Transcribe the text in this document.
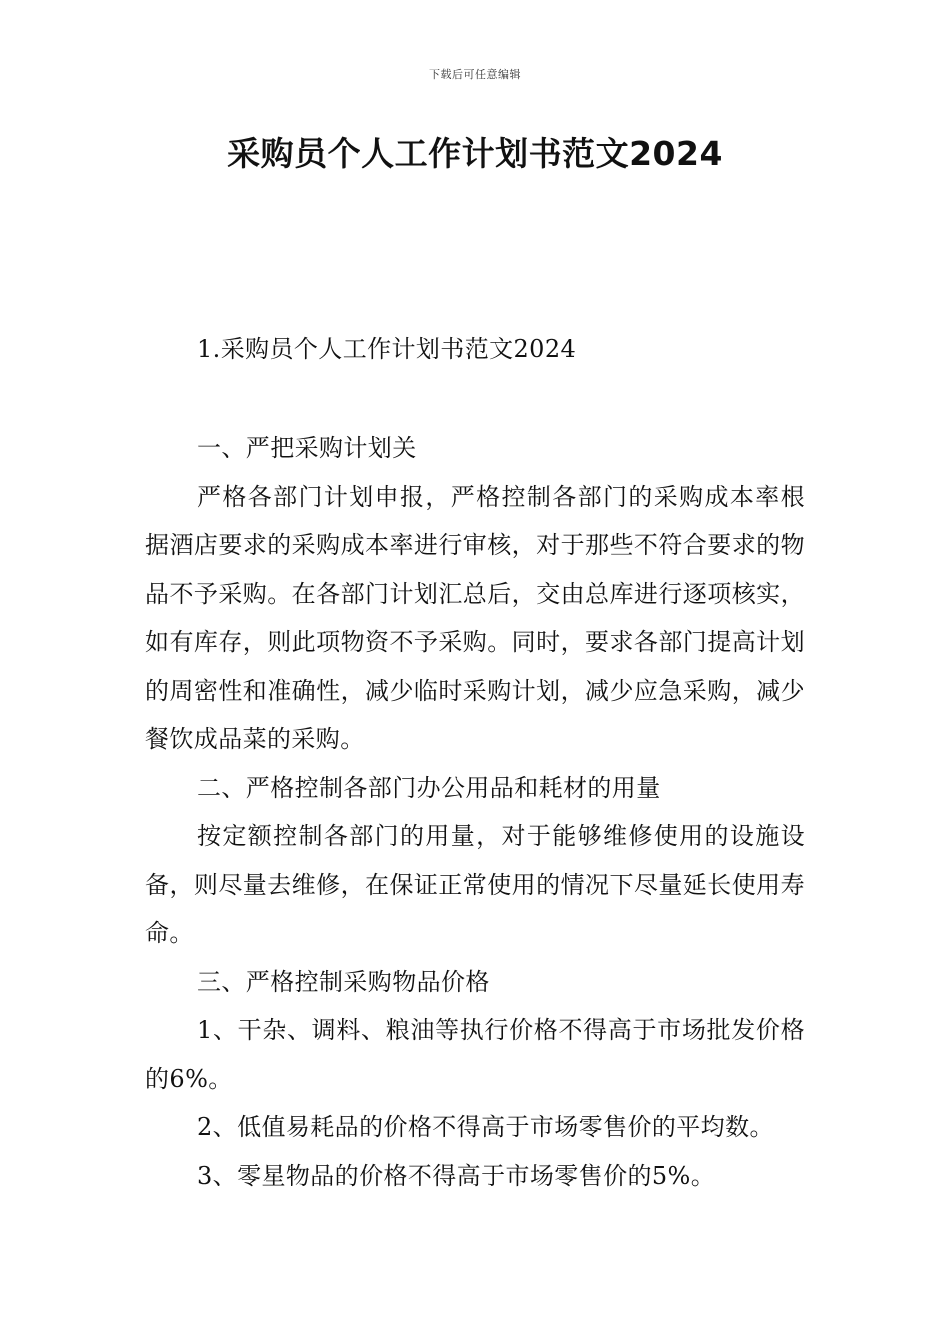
下载后可任意编辑
采购员个人工作计划书范文2024
1.采购员个人工作计划书范文2024

一、严把采购计划关

严格各部门计划申报，严格控制各部门的采购成本率根据酒店要求的采购成本率进行审核，对于那些不符合要求的物品不予采购。在各部门计划汇总后，交由总库进行逐项核实，如有库存，则此项物资不予采购。同时，要求各部门提高计划的周密性和准确性，减少临时采购计划，减少应急采购，减少餐饮成品菜的采购。

二、严格控制各部门办公用品和耗材的用量

按定额控制各部门的用量，对于能够维修使用的设施设备，则尽量去维修，在保证正常使用的情况下尽量延长使用寿命。

三、严格控制采购物品价格

1、干杂、调料、粮油等执行价格不得高于市场批发价格的6%。

2、低值易耗品的价格不得高于市场零售价的平均数。

3、零星物品的价格不得高于市场零售价的5%。
